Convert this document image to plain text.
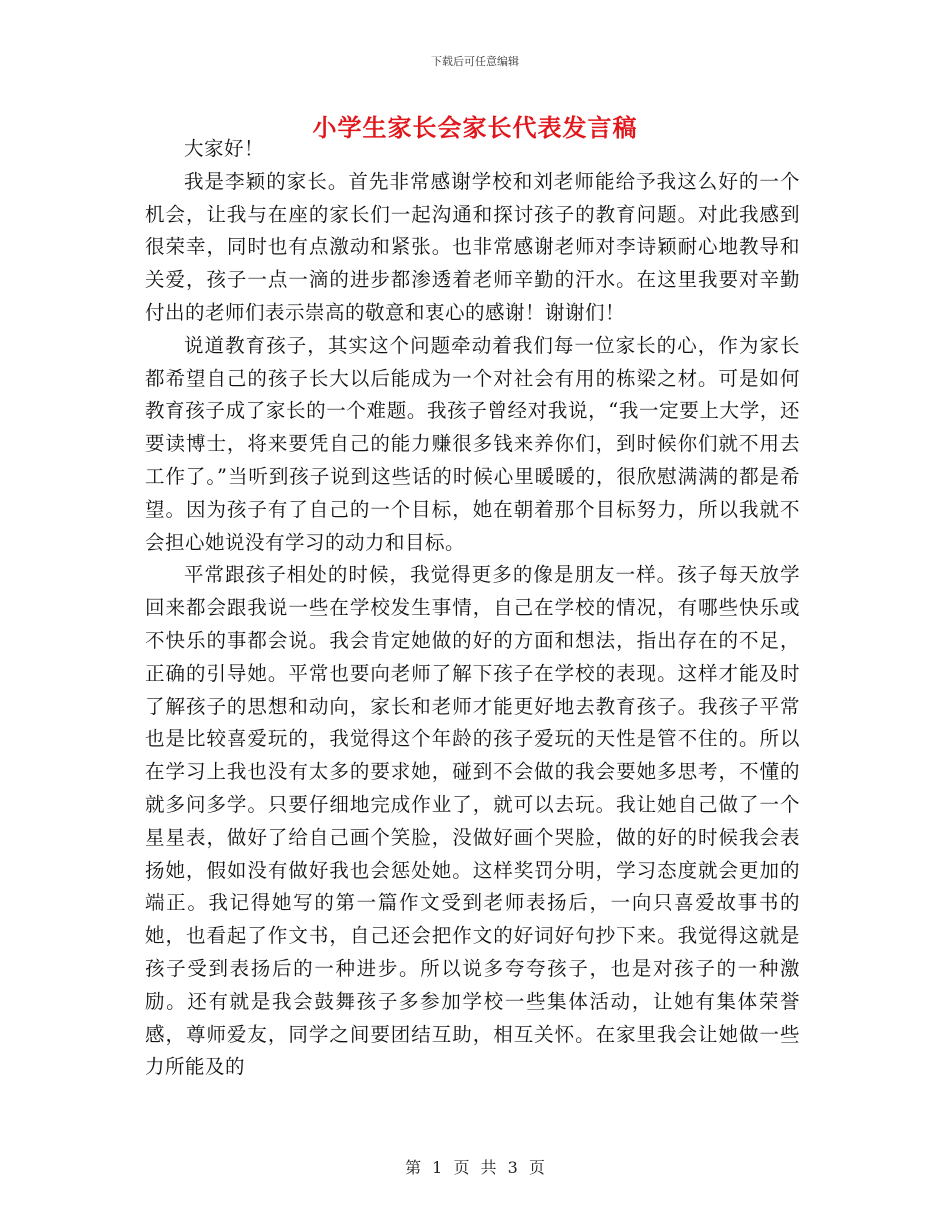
下载后可任意编辑
小学生家长会家长代表发言稿

大家好！

我是李颖的家长。首先非常感谢学校和刘老师能给予我这么好的一个机会，让我与在座的家长们一起沟通和探讨孩子的教育问题。对此我感到很荣幸，同时也有点激动和紧张。也非常感谢老师对李诗颖耐心地教导和关爱，孩子一点一滴的进步都渗透着老师辛勤的汗水。在这里我要对辛勤付出的老师们表示崇高的敬意和衷心的感谢！谢谢们！

说道教育孩子，其实这个问题牵动着我们每一位家长的心，作为家长都希望自己的孩子长大以后能成为一个对社会有用的栋梁之材。可是如何教育孩子成了家长的一个难题。我孩子曾经对我说，“我一定要上大学，还要读博士，将来要凭自己的能力赚很多钱来养你们，到时候你们就不用去工作了。”当听到孩子说到这些话的时候心里暖暖的，很欣慰满满的都是希望。因为孩子有了自己的一个目标，她在朝着那个目标努力，所以我就不会担心她说没有学习的动力和目标。

平常跟孩子相处的时候，我觉得更多的像是朋友一样。孩子每天放学回来都会跟我说一些在学校发生事情，自己在学校的情况，有哪些快乐或不快乐的事都会说。我会肯定她做的好的方面和想法，指出存在的不足，正确的引导她。平常也要向老师了解下孩子在学校的表现。这样才能及时了解孩子的思想和动向，家长和老师才能更好地去教育孩子。我孩子平常也是比较喜爱玩的，我觉得这个年龄的孩子爱玩的天性是管不住的。所以在学习上我也没有太多的要求她，碰到不会做的我会要她多思考，不懂的就多问多学。只要仔细地完成作业了，就可以去玩。我让她自己做了一个星星表，做好了给自己画个笑脸，没做好画个哭脸，做的好的时候我会表扬她，假如没有做好我也会惩处她。这样奖罚分明，学习态度就会更加的端正。我记得她写的第一篇作文受到老师表扬后，一向只喜爱故事书的她，也看起了作文书，自己还会把作文的好词好句抄下来。我觉得这就是孩子受到表扬后的一种进步。所以说多夸夸孩子，也是对孩子的一种激励。还有就是我会鼓舞孩子多参加学校一些集体活动，让她有集体荣誉感，尊师爱友，同学之间要团结互助，相互关怀。在家里我会让她做一些力所能及的

第 1 页 共 3 页
